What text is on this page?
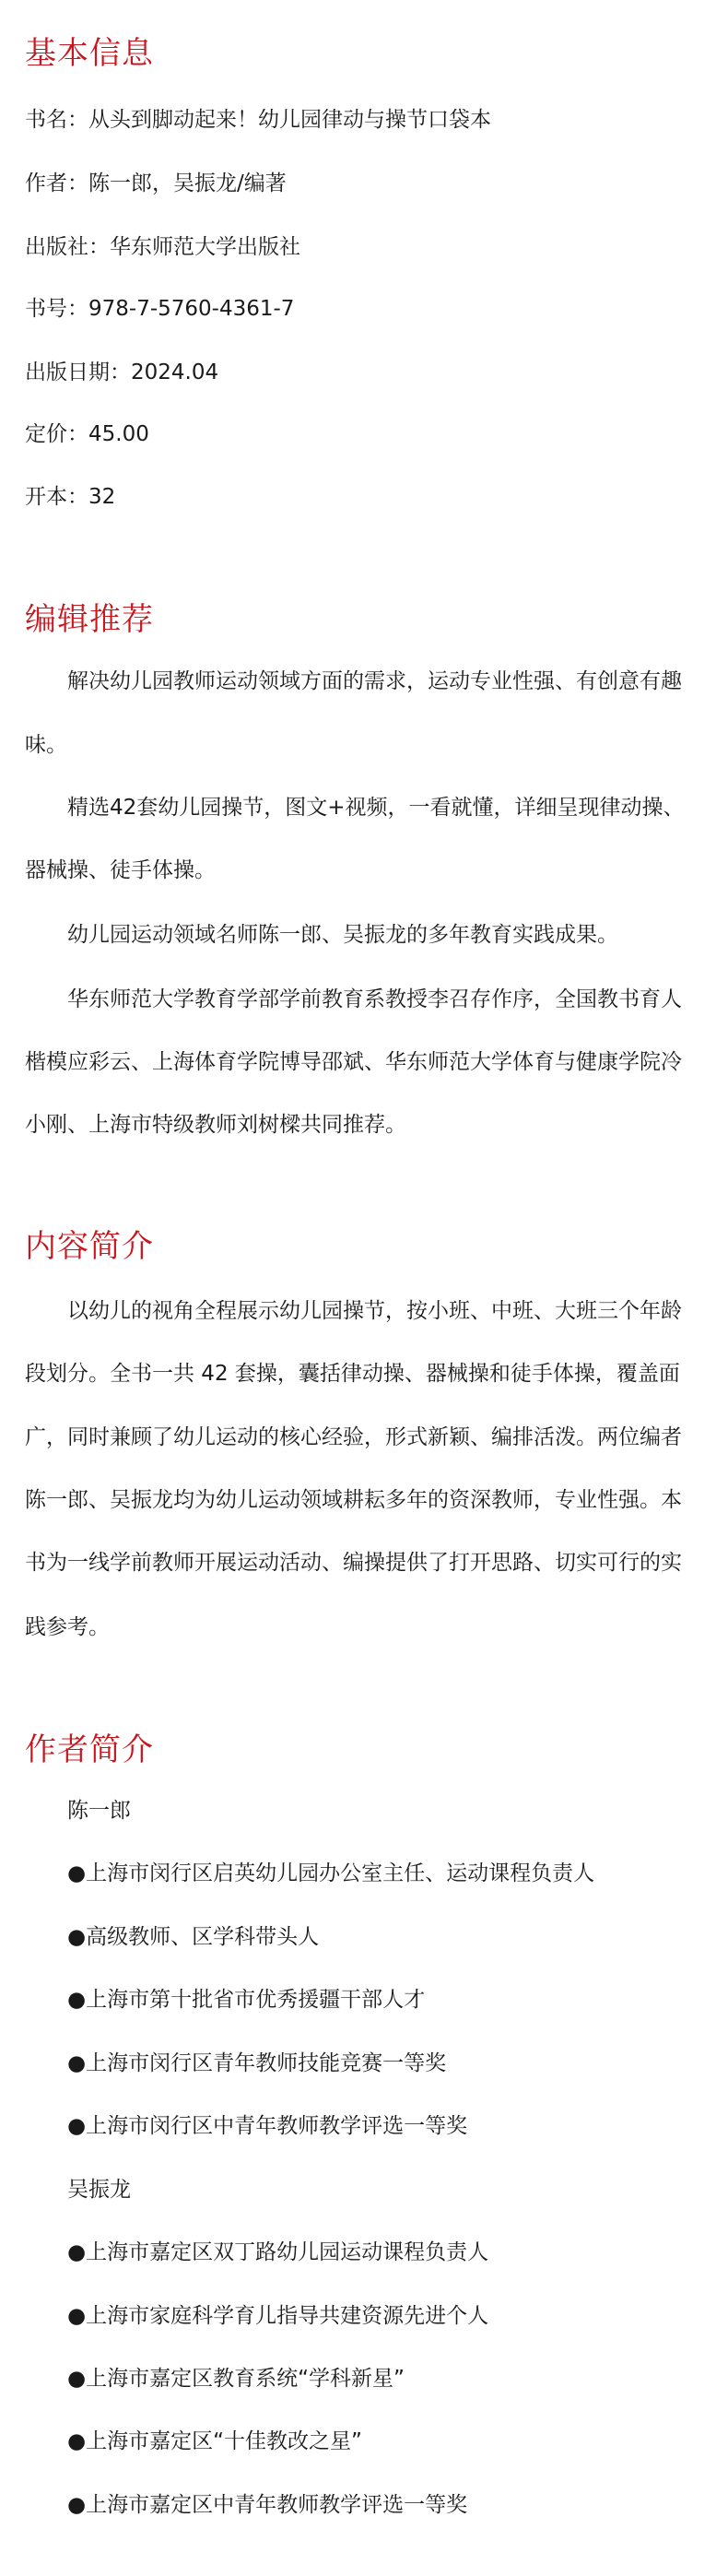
基本信息
书名：从头到脚动起来！幼儿园律动与操节口袋本
作者：陈一郎，吴振龙/编著
出版社：华东师范大学出版社
书号：978-7-5760-4361-7
出版日期：2024.04
定价：45.00
开本：32
编辑推荐
解决幼儿园教师运动领域方面的需求，运动专业性强、有创意有趣
味。
精选42套幼儿园操节，图文+视频，一看就懂，详细呈现律动操、
器械操、徒手体操。
幼儿园运动领域名师陈一郎、吴振龙的多年教育实践成果。
华东师范大学教育学部学前教育系教授李召存作序，全国教书育人
楷模应彩云、上海体育学院博导邵斌、华东师范大学体育与健康学院冷
小刚、上海市特级教师刘树樑共同推荐。
内容简介
以幼儿的视角全程展示幼儿园操节，按小班、中班、大班三个年龄
段划分。全书一共 42 套操，囊括律动操、器械操和徒手体操，覆盖面
广，同时兼顾了幼儿运动的核心经验，形式新颖、编排活泼。两位编者
陈一郎、吴振龙均为幼儿运动领域耕耘多年的资深教师，专业性强。本
书为一线学前教师开展运动活动、编操提供了打开思路、切实可行的实
践参考。
作者简介
陈一郎
●上海市闵行区启英幼儿园办公室主任、运动课程负责人
●高级教师、区学科带头人
●上海市第十批省市优秀援疆干部人才
●上海市闵行区青年教师技能竞赛一等奖
●上海市闵行区中青年教师教学评选一等奖
吴振龙
●上海市嘉定区双丁路幼儿园运动课程负责人
●上海市家庭科学育儿指导共建资源先进个人
●上海市嘉定区教育系统“学科新星”
●上海市嘉定区“十佳教改之星”
●上海市嘉定区中青年教师教学评选一等奖
